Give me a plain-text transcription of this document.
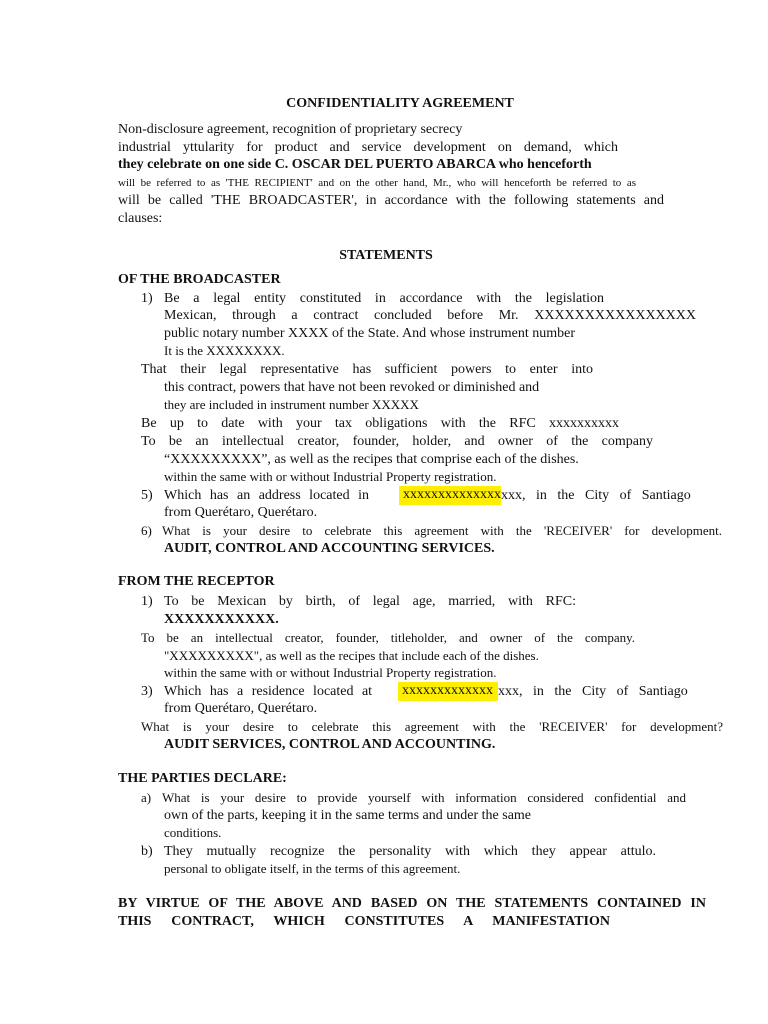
CONFIDENTIALITY AGREEMENT
Non-disclosure agreement, recognition of proprietary secrecy
industrial yttularity for product and service development on demand, which
they celebrate on one side C. OSCAR DEL PUERTO ABARCA who henceforth
will be referred to as 'THE RECIPIENT' and on the other hand, Mr., who will henceforth be referred to as
will be called 'THE BROADCASTER', in accordance with the following statements and
clauses:
STATEMENTS
OF THE BROADCASTER
1) Be a legal entity constituted in accordance with the legislation
Mexican, through a contract concluded before Mr. XXXXXXXXXXXXXXXX
public notary number XXXX of the State. And whose instrument number
It is the XXXXXXXX.
That their legal representative has sufficient powers to enter into
this contract, powers that have not been revoked or diminished and
they are included in instrument number XXXXX
Be up to date with your tax obligations with the RFC xxxxxxxxxx
To be an intellectual creator, founder, holder, and owner of the company
“XXXXXXXXX”, as well as the recipes that comprise each of the dishes.
within the same with or without Industrial Property registration.
5) Which has an address located in xxxxxxxxxxxxxx xxx, in the City of Santiago
from Querétaro, Querétaro.
6) What is your desire to celebrate this agreement with the 'RECEIVER' for development.
AUDIT, CONTROL AND ACCOUNTING SERVICES.
FROM THE RECEPTOR
1) To be Mexican by birth, of legal age, married, with RFC:
XXXXXXXXXXX.
To be an intellectual creator, founder, titleholder, and owner of the company.
"XXXXXXXXX", as well as the recipes that include each of the dishes.
within the same with or without Industrial Property registration.
3) Which has a residence located at xxxxxxxxxxxxx xxx, in the City of Santiago
from Querétaro, Querétaro.
What is your desire to celebrate this agreement with the 'RECEIVER' for development?
AUDIT SERVICES, CONTROL AND ACCOUNTING.
THE PARTIES DECLARE:
a) What is your desire to provide yourself with information considered confidential and
own of the parts, keeping it in the same terms and under the same
conditions.
b) They mutually recognize the personality with which they appear attulo.
personal to obligate itself, in the terms of this agreement.
BY VIRTUE OF THE ABOVE AND BASED ON THE STATEMENTS CONTAINED IN
THIS CONTRACT, WHICH CONSTITUTES A MANIFESTATION
